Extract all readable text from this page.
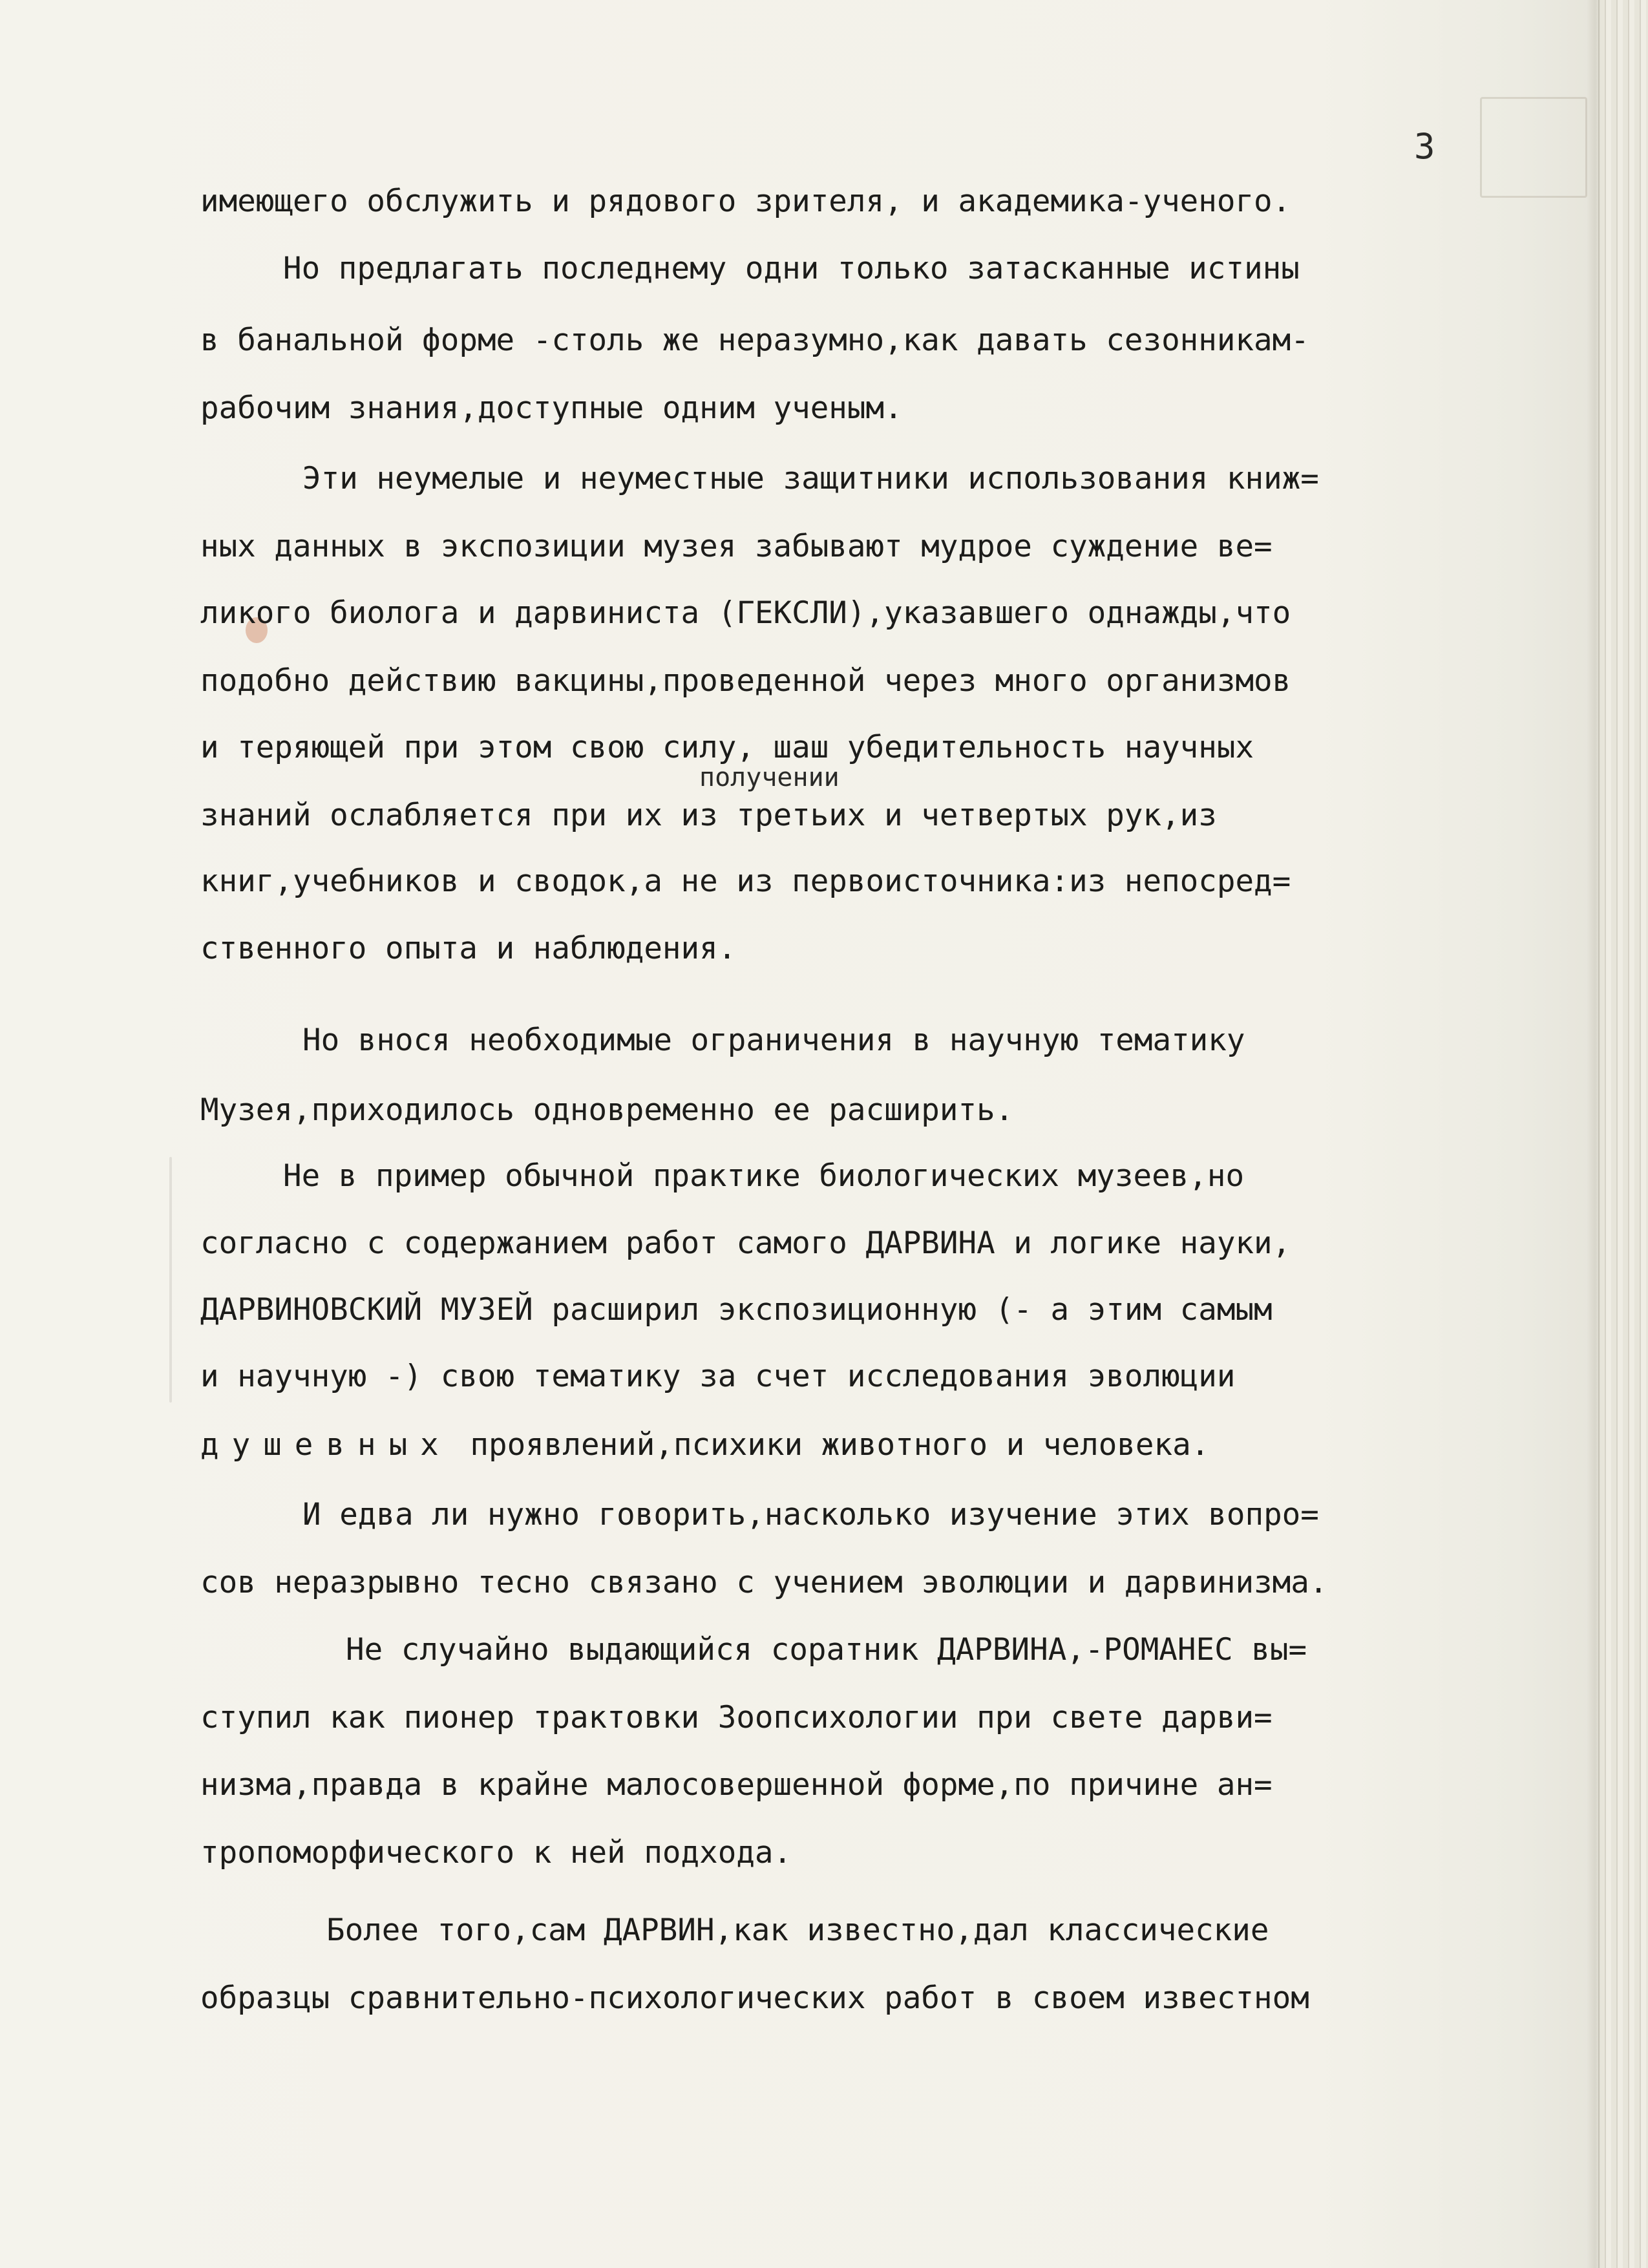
3
имеющего обслужить и рядового зрителя, и академика-ученого.
Но предлагать последнему одни только затасканные истины
в банальной форме -столь же неразумно,как давать сезонникам-
рабочим знания,доступные одним ученым.
Эти неумелые и неуместные защитники использования книж=
ных данных в экспозиции музея забывают мудрое суждение ве=
ликого биолога и дарвиниста (ГЕКСЛИ),указавшего однажды,что
подобно действию вакцины,проведенной через много организмов
и теряющей при этом свою силу, шаш убедительность научных
получении
знаний ослабляется при их из третьих и четвертых рук,из
книг,учебников и сводок,а не из первоисточника:из непосред=
ственного опыта и наблюдения.
Но внося необходимые ограничения в научную тематику
Музея,приходилось одновременно ее расширить.
Не в пример обычной практике биологических музеев,но
согласно с содержанием работ самого ДАРВИНА и логике науки,
ДАРВИНОВСКИЙ МУЗЕЙ расширил экспозиционную (- а этим самым
и научную -) свою тематику за счет исследования эволюции
душевных проявлений,психики животного и человека.
И едва ли нужно говорить,насколько изучение этих вопро=
сов неразрывно тесно связано с учением эволюции и дарвинизма.
Не случайно выдающийся соратник ДАРВИНА,-РОМАНЕС вы=
ступил как пионер трактовки Зоопсихологии при свете дарви=
низма,правда в крайне малосовершенной форме,по причине ан=
тропоморфического к ней подхода.
Более того,сам ДАРВИН,как известно,дал классические
образцы сравнительно-психологических работ в своем известном
